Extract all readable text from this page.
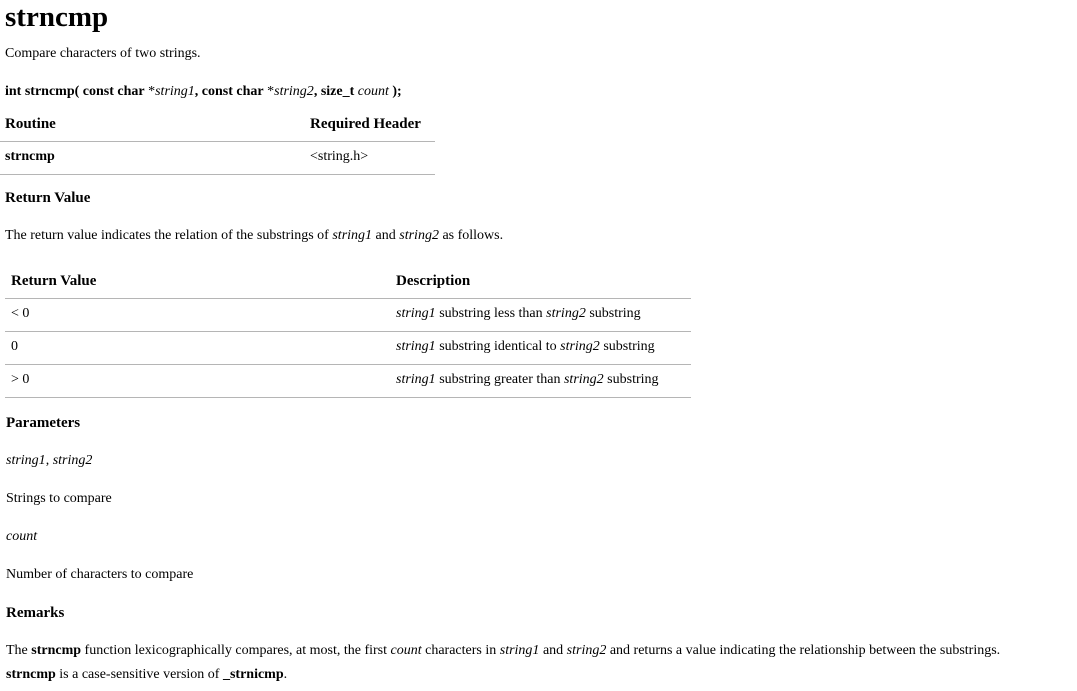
strncmp
Compare characters of two strings.
int strncmp( const char *string1, const char *string2, size_t count );
Routine	Required Header
strncmp	<string.h>
Return Value
The return value indicates the relation of the substrings of string1 and string2 as follows.
Return Value	Description
< 0	string1 substring less than string2 substring
0	string1 substring identical to string2 substring
> 0	string1 substring greater than string2 substring
Parameters
string1, string2
Strings to compare
count
Number of characters to compare
Remarks
The strncmp function lexicographically compares, at most, the first count characters in string1 and string2 and returns a value indicating the relationship between the substrings.
strncmp is a case-sensitive version of _strnicmp.
